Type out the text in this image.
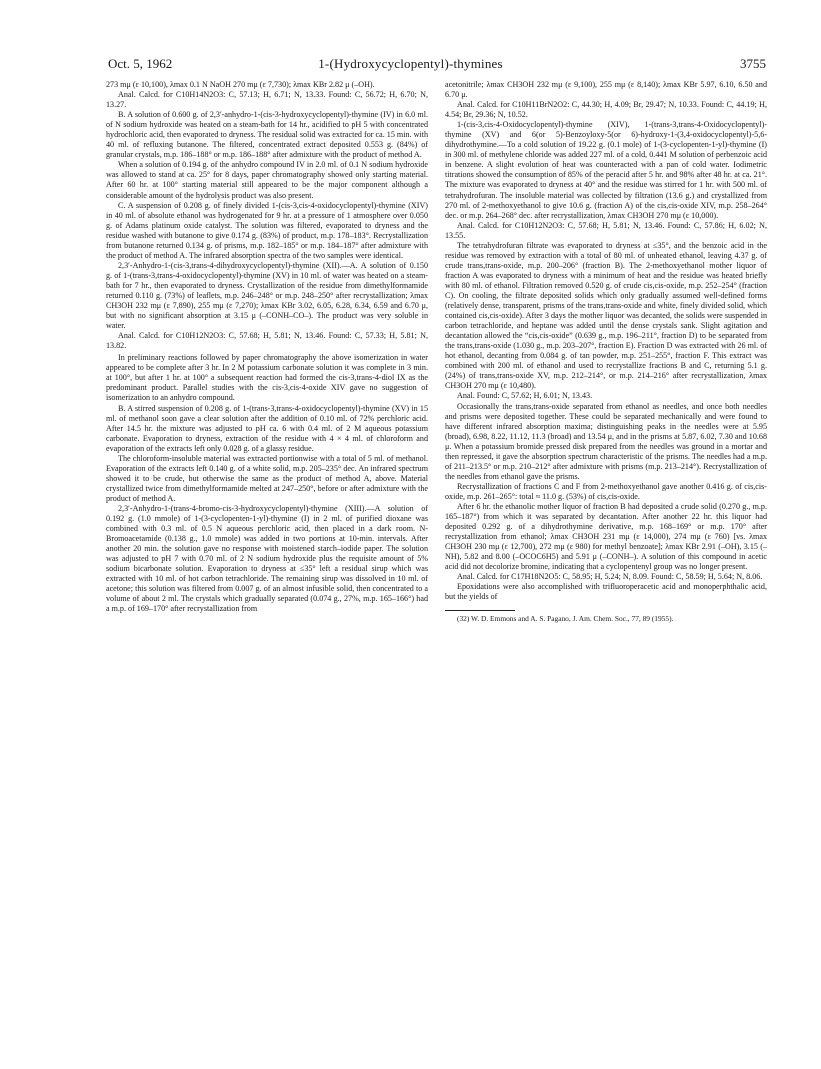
Oct. 5, 1962	1-(Hydroxycyclopentyl)-thymines	3755

273 mμ (ε 10,100), λmax 0.1 N NaOH 270 mμ (ε 7,730); λmax KBr 2.82 μ (–OH).

Anal. Calcd. for C10H14N2O3: C, 57.13; H, 6.71; N, 13.33. Found: C, 56.72; H, 6.70; N, 13.27.

B. A solution of 0.600 g. of 2,3′-anhydro-1-(cis-3-hydroxycyclopentyl)-thymine (IV) in 6.0 ml. of N sodium hydroxide was heated on a steam-bath for 14 hr., acidified to pH 5 with concentrated hydrochloric acid, then evaporated to dryness. The residual solid was extracted for ca. 15 min. with 40 ml. of refluxing butanone. The filtered, concentrated extract deposited 0.553 g. (84%) of granular crystals, m.p. 186–188° or m.p. 186–188° after admixture with the product of method A.

When a solution of 0.194 g. of the anhydro compound IV in 2.0 ml. of 0.1 N sodium hydroxide was allowed to stand at ca. 25° for 8 days, paper chromatography showed only starting material. After 60 hr. at 100° starting material still appeared to be the major component although a considerable amount of the hydrolysis product was also present.

C. A suspension of 0.208 g. of finely divided 1-(cis-3,cis-4-oxidocyclopentyl)-thymine (XIV) in 40 ml. of absolute ethanol was hydrogenated for 9 hr. at a pressure of 1 atmosphere over 0.050 g. of Adams platinum oxide catalyst. The solution was filtered, evaporated to dryness and the residue washed with butanone to give 0.174 g. (83%) of product, m.p. 178–183°. Recrystallization from butanone returned 0.134 g. of prisms, m.p. 182–185° or m.p. 184–187° after admixture with the product of method A. The infrared absorption spectra of the two samples were identical.

2,3′-Anhydro-1-(cis-3,trans-4-dihydroxycyclopentyl)-thymine (XII).—A. A solution of 0.150 g. of 1-(trans-3,trans-4-oxidocyclopentyl)-thymine (XV) in 10 ml. of water was heated on a steam-bath for 7 hr., then evaporated to dryness. Crystallization of the residue from dimethylformamide returned 0.110 g. (73%) of leaflets, m.p. 246–248° or m.p. 248–250° after recrystallization; λmax CH3OH 232 mμ (ε 7,890), 255 mμ (ε 7,270); λmax KBr 3.02, 6.05, 6.28, 6.34, 6.59 and 6.70 μ, but with no significant absorption at 3.15 μ (–CONH–CO–). The product was very soluble in water.

Anal. Calcd. for C10H12N2O3: C, 57.68; H, 5.81; N, 13.46. Found: C, 57.33; H, 5.81; N, 13.82.

In preliminary reactions followed by paper chromatography the above isomerization in water appeared to be complete after 3 hr. In 2 M potassium carbonate solution it was complete in 3 min. at 100°, but after 1 hr. at 100° a subsequent reaction had formed the cis-3,trans-4-diol IX as the predominant product. Parallel studies with the cis-3,cis-4-oxide XIV gave no suggestion of isomerization to an anhydro compound.

B. A stirred suspension of 0.208 g. of 1-(trans-3,trans-4-oxidocyclopentyl)-thymine (XV) in 15 ml. of methanol soon gave a clear solution after the addition of 0.10 ml. of 72% perchloric acid. After 14.5 hr. the mixture was adjusted to pH ca. 6 with 0.4 ml. of 2 M aqueous potassium carbonate. Evaporation to dryness, extraction of the residue with 4 × 4 ml. of chloroform and evaporation of the extracts left only 0.028 g. of a glassy residue.

The chloroform-insoluble material was extracted portionwise with a total of 5 ml. of methanol. Evaporation of the extracts left 0.140 g. of a white solid, m.p. 205–235° dec. An infrared spectrum showed it to be crude, but otherwise the same as the product of method A, above. Material crystallized twice from dimethylformamide melted at 247–250°, before or after admixture with the product of method A.

2,3′-Anhydro-1-(trans-4-bromo-cis-3-hydroxycyclopentyl)-thymine (XIII).—A solution of 0.192 g. (1.0 mmole) of 1-(3-cyclopenten-1-yl)-thymine (I) in 2 ml. of purified dioxane was combined with 0.3 ml. of 0.5 N aqueous perchloric acid, then placed in a dark room. N-Bromoacetamide (0.138 g., 1.0 mmole) was added in two portions at 10-min. intervals. After another 20 min. the solution gave no response with moistened starch–iodide paper. The solution was adjusted to pH 7 with 0.70 ml. of 2 N sodium hydroxide plus the requisite amount of 5% sodium bicarbonate solution. Evaporation to dryness at ≤35° left a residual sirup which was extracted with 10 ml. of hot carbon tetrachloride. The remaining sirup was dissolved in 10 ml. of acetone; this solution was filtered from 0.007 g. of an almost infusible solid, then concentrated to a volume of about 2 ml. The crystals which gradually separated (0.074 g., 27%, m.p. 165–166°) had a m.p. of 169–170° after recrystallization from

acetonitrile; λmax CH3OH 232 mμ (ε 9,100), 255 mμ (ε 8,140); λmax KBr 5.97, 6.10, 6.50 and 6.70 μ.

Anal. Calcd. for C10H11BrN2O2: C, 44.30; H, 4.09; Br, 29.47; N, 10.33. Found: C, 44.19; H, 4.54; Br, 29.36; N, 10.52.

1-(cis-3,cis-4-Oxidocyclopentyl)-thymine (XIV), 1-(trans-3,trans-4-Oxidocyclopentyl)-thymine (XV) and 6(or 5)-Benzoyloxy-5(or 6)-hydroxy-1-(3,4-oxidocyclopentyl)-5,6-dihydrothymine.—To a cold solution of 19.22 g. (0.1 mole) of 1-(3-cyclopenten-1-yl)-thymine (I) in 300 ml. of methylene chloride was added 227 ml. of a cold, 0.441 M solution of perbenzoic acid in benzene. A slight evolution of heat was counteracted with a pan of cold water. Iodimetric titrations showed the consumption of 85% of the peracid after 5 hr. and 98% after 48 hr. at ca. 21°. The mixture was evaporated to dryness at 40° and the residue was stirred for 1 hr. with 500 ml. of tetrahydrofuran. The insoluble material was collected by filtration (13.6 g.) and crystallized from 270 ml. of 2-methoxyethanol to give 10.6 g. (fraction A) of the cis,cis-oxide XIV, m.p. 258–264° dec. or m.p. 264–268° dec. after recrystallization, λmax CH3OH 270 mμ (ε 10,000).

Anal. Calcd. for C10H12N2O3: C, 57.68; H, 5.81; N, 13.46. Found: C, 57.86; H, 6.02; N, 13.55.

The tetrahydrofuran filtrate was evaporated to dryness at ≤35°, and the benzoic acid in the residue was removed by extraction with a total of 80 ml. of unheated ethanol, leaving 4.37 g. of crude trans,trans-oxide, m.p. 200–206° (fraction B). The 2-methoxyethanol mother liquor of fraction A was evaporated to dryness with a minimum of heat and the residue was heated briefly with 80 ml. of ethanol. Filtration removed 0.520 g. of crude cis,cis-oxide, m.p. 252–254° (fraction C). On cooling, the filtrate deposited solids which only gradually assumed well-defined forms (relatively dense, transparent, prisms of the trans,trans-oxide and white, finely divided solid, which contained cis,cis-oxide). After 3 days the mother liquor was decanted, the solids were suspended in carbon tetrachloride, and heptane was added until the dense crystals sank. Slight agitation and decantation allowed the “cis,cis-oxide” (0.639 g., m.p. 196–211°, fraction D) to be separated from the trans,trans-oxide (1.030 g., m.p. 203–207°, fraction E). Fraction D was extracted with 26 ml. of hot ethanol, decanting from 0.084 g. of tan powder, m.p. 251–255°, fraction F. This extract was combined with 200 ml. of ethanol and used to recrystallize fractions B and C, returning 5.1 g. (24%) of trans,trans-oxide XV, m.p. 212–214°, or m.p. 214–216° after recrystallization, λmax CH3OH 270 mμ (ε 10,480).

Anal. Found: C, 57.62; H, 6.01; N, 13.43.

Occasionally the trans,trans-oxide separated from ethanol as needles, and once both needles and prisms were deposited together. These could be separated mechanically and were found to have different infrared absorption maxima; distinguishing peaks in the needles were at 5.95 (broad), 6.98, 8.22, 11.12, 11.3 (broad) and 13.54 μ, and in the prisms at 5.87, 6.02, 7.30 and 10.68 μ. When a potassium bromide pressed disk prepared from the needles was ground in a mortar and then repressed, it gave the absorption spectrum characteristic of the prisms. The needles had a m.p. of 211–213.5° or m.p. 210–212° after admixture with prisms (m.p. 213–214°). Recrystallization of the needles from ethanol gave the prisms.

Recrystallization of fractions C and F from 2-methoxyethanol gave another 0.416 g. of cis,cis-oxide, m.p. 261–265°: total ≈ 11.0 g. (53%) of cis,cis-oxide.

After 6 hr. the ethanolic mother liquor of fraction B had deposited a crude solid (0.270 g., m.p. 165–187°) from which it was separated by decantation. After another 22 hr. this liquor had deposited 0.292 g. of a dihydrothymine derivative, m.p. 168–169° or m.p. 170° after recrystallization from ethanol; λmax CH3OH 231 mμ (ε 14,000), 274 mμ (ε 760) [vs. λmax CH3OH 230 mμ (ε 12,700), 272 mμ (ε 980) for methyl benzoate]; λmax KBr 2.91 (–OH), 3.15 (–NH), 5.82 and 8.00 (–OCOC6H5) and 5.91 μ (–CONH–). A solution of this compound in acetic acid did not decolorize bromine, indicating that a cyclopentenyl group was no longer present.

Anal. Calcd. for C17H18N2O5: C, 58.95; H, 5.24; N, 8.09. Found: C, 58.59; H, 5.64; N, 8.06.

Epoxidations were also accomplished with trifluoroperacetic acid and monoperphthalic acid, but the yields of

(32) W. D. Emmons and A. S. Pagano, J. Am. Chem. Soc., 77, 89 (1955).
